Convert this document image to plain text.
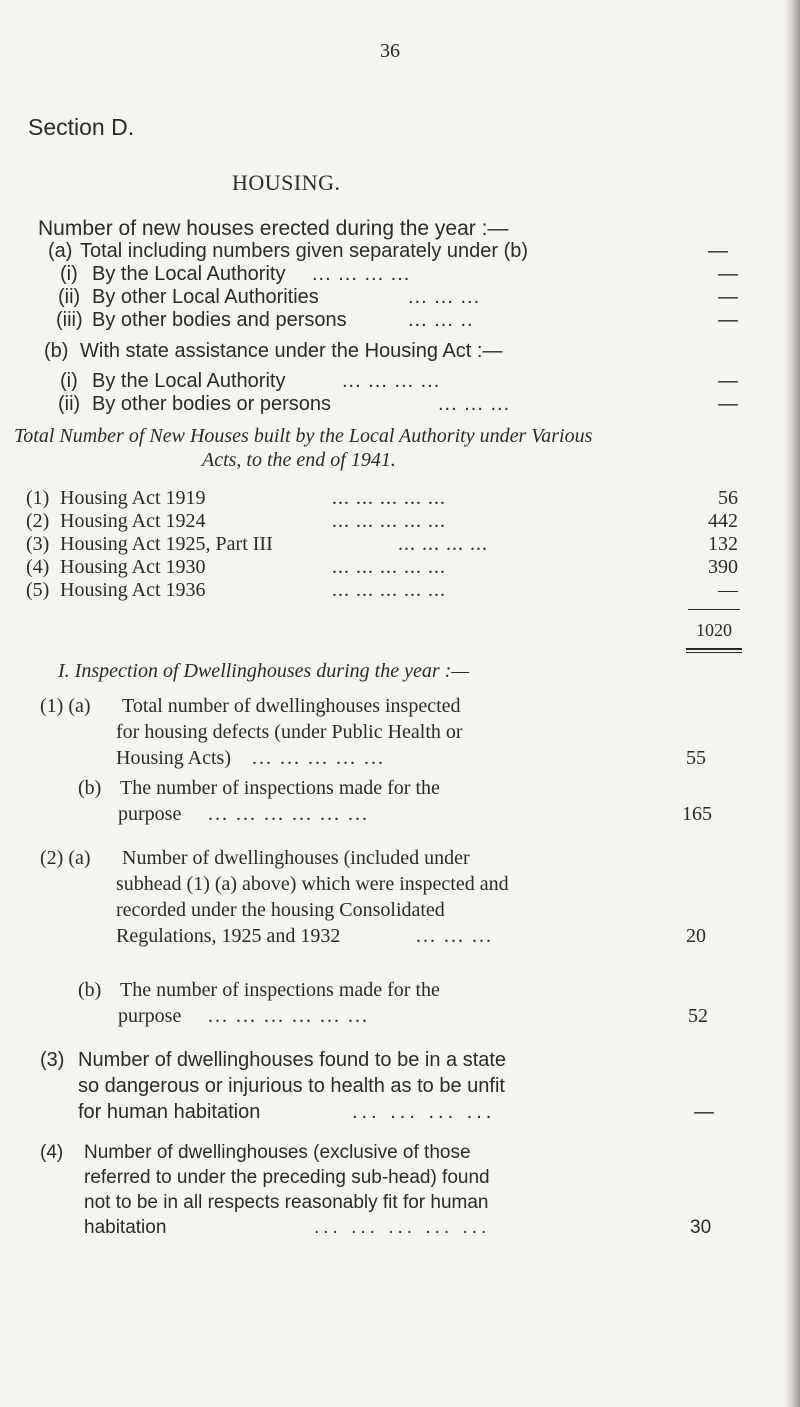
36
Section D.
HOUSING.
Number of new houses erected during the year :—
(a) Total including numbers given separately under (b)	—
(i) By the Local Authority ... ... ... ...	—
(ii) By other Local Authorities	... ... ...	—
(iii) By other bodies and persons	... ... ..	—
(b) With state assistance under the Housing Act :—
(i) By the Local Authority	... ... ... ...	—
(ii) By other bodies or persons	... ... ...	—
Total Number of New Houses built by the Local Authority under Various
Acts, to the end of 1941.
(1) Housing Act 1919	... ... ... ... ...	56
(2) Housing Act 1924	... ... ... ... ...	442
(3) Housing Act 1925, Part III	... ... ... ...	132
(4) Housing Act 1930	... ... ... ... ...	390
(5) Housing Act 1936	... ... ... ... ...	—
1020
I. Inspection of Dwellinghouses during the year :—
(1) (a) Total number of dwellinghouses inspected
for housing defects (under Public Health or
Housing Acts) ... ... ... ... ...	55
(b) The number of inspections made for the
purpose ... ... ... ... ... ...	165
(2) (a) Number of dwellinghouses (included under
subhead (1) (a) above) which were inspected and
recorded under the housing Consolidated
Regulations, 1925 and 1932	... ... ...	20
(b) The number of inspections made for the
purpose ... ... ... ... ... ...	52
(3) Number of dwellinghouses found to be in a state
so dangerous or injurious to health as to be unfit
for human habitation	... ... ... ...	—
(4) Number of dwellinghouses (exclusive of those
referred to under the preceding sub-head) found
not to be in all respects reasonably fit for human
habitation	... ... ... ... ...	30
